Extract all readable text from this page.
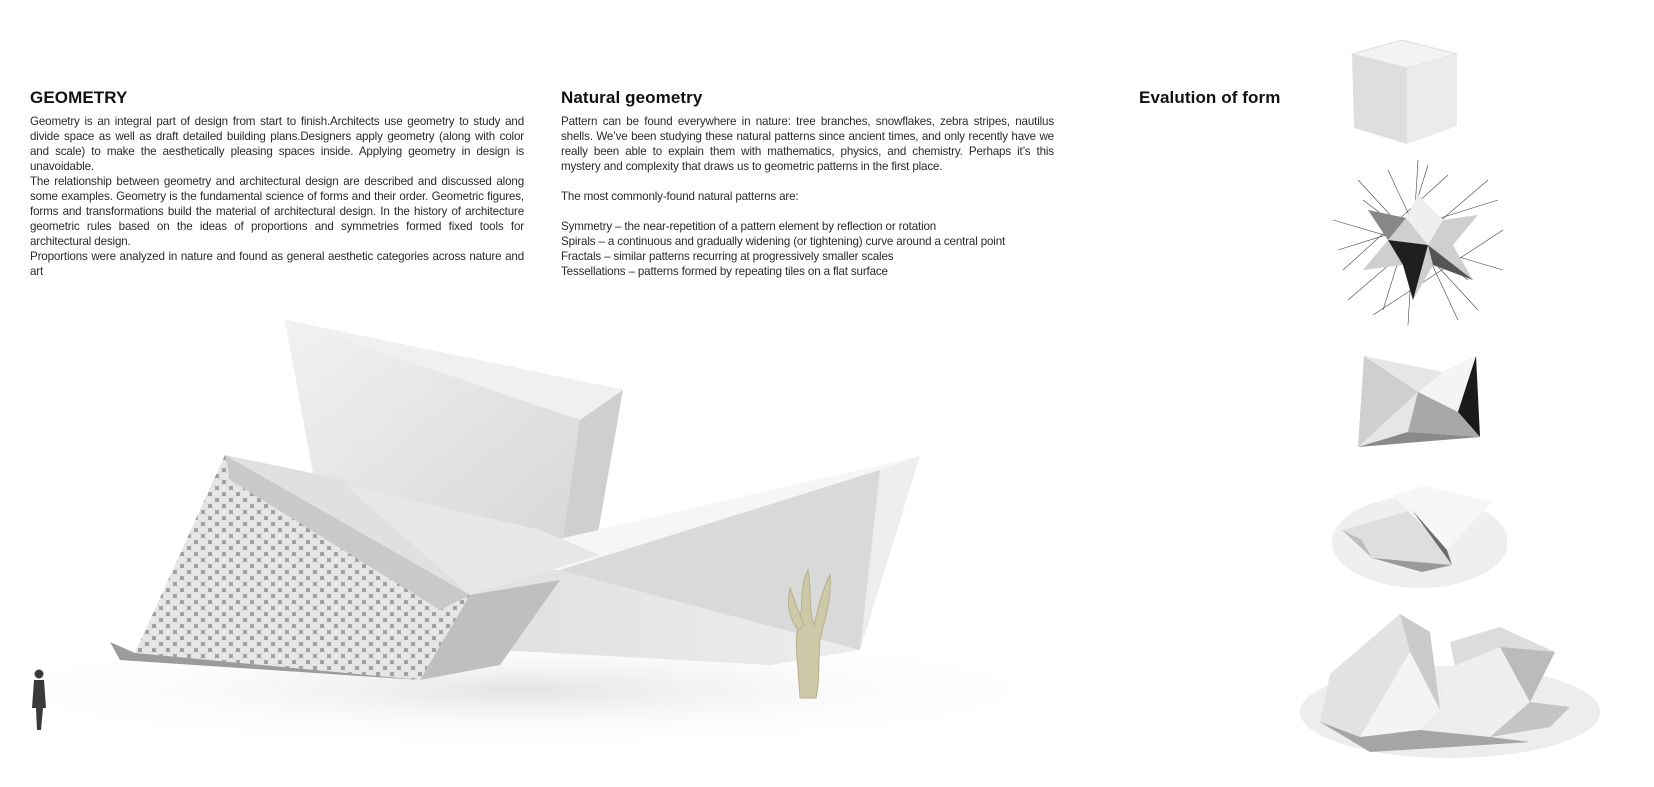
GEOMETRY

Geometry is an integral part of design from start to finish.Architects use geometry to study and divide space as well as draft detailed building plans.Designers apply geometry (along with color and scale) to make the aesthetically pleasing spaces inside. Applying geometry in design is unavoidable.

The relationship between geometry and architectural design are described and discussed along some examples. Geometry is the fundamental science of forms and their order. Geometric figures, forms and transformations build the material of architectural design. In the history of architecture geometric rules based on the ideas of proportions and symmetries formed fixed tools for architectural design.

Proportions were analyzed in nature and found as general aesthetic categories across nature and art

Natural geometry

Pattern can be found everywhere in nature: tree branches, snowflakes, zebra stripes, nautilus shells. We’ve been studying these natural patterns since ancient times, and only recently have we really been able to explain them with mathematics, physics, and chemistry. Perhaps it’s this mystery and complexity that draws us to geometric patterns in the first place.

The most commonly-found natural patterns are:

Symmetry – the near-repetition of a pattern element by reflection or rotation

Spirals – a continuous and gradually widening (or tightening) curve around a central point

Fractals – similar patterns recurring at progressively smaller scales

Tessellations – patterns formed by repeating tiles on a flat surface

Evalution of form
